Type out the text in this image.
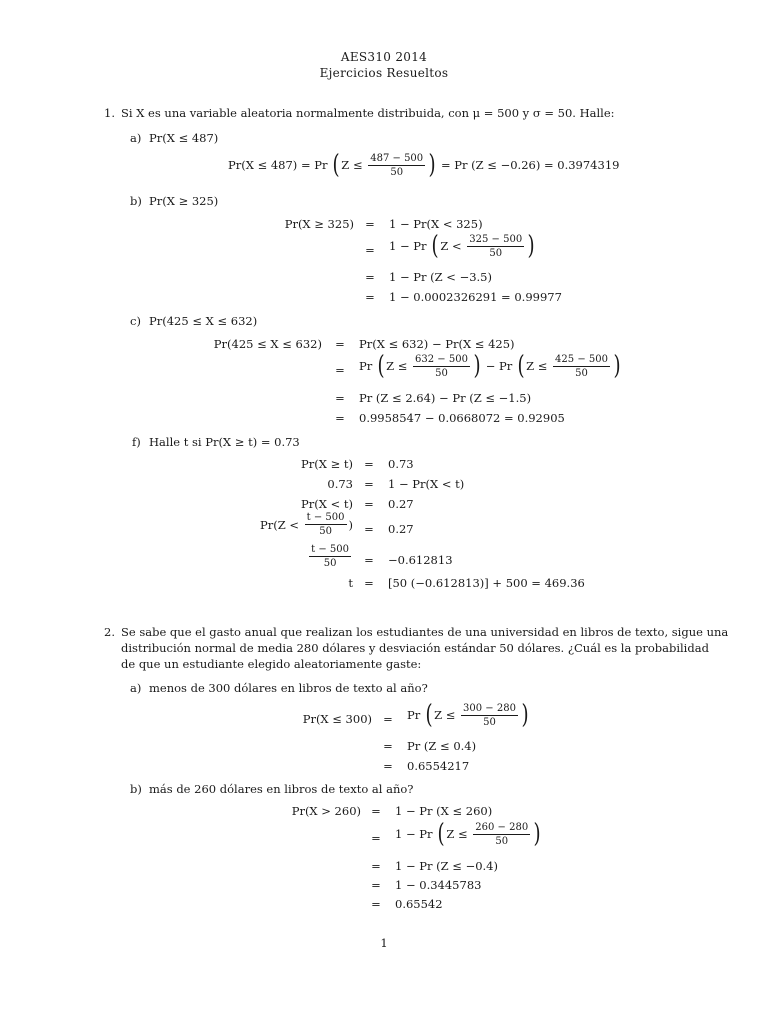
AES310 2014
Ejercicios Resueltos
1. Si X es una variable aleatoria normalmente distribuida, con μ = 500 y σ = 50. Halle:
a) Pr(X ≤ 487)
Pr(X ≤ 487) = Pr ( $Z \le \frac{487 - 500}{50}$ ) = Pr (Z ≤ −0.26) = 0.3974319
b) Pr(X ≥ 325)
Pr(X ≥ 325) =	1 − Pr(X < 325)
=	1 − Pr ( $Z < \frac{325 - 500}{50}$ )
=	1 − Pr (Z < −3.5)
=	1 − 0.0002326291 = 0.99977
c) Pr(425 ≤ X ≤ 632)
Pr(425 ≤ X ≤ 632)	=	Pr(X ≤ 632) − Pr(X ≤ 425)
=	Pr ( $Z \le \frac{632 - 500}{50}$ ) − Pr ( $Z \le \frac{425 - 500}{50}$ )
=	Pr (Z ≤ 2.64) − Pr (Z ≤ −1.5)
=	0.9958547 − 0.0668072 = 0.92905
f) Halle t si Pr(X ≥ t) = 0.73
Pr(X ≥ t) =	0.73
0.73 =	1 − Pr(X < t)
Pr(X < t) =	0.27
$Pr(Z < \frac{t - 500}{50}$ ) =	0.27
$\frac{t - 500}{50}$	=	−0.612813
t =	[50 (−0.612813)] + 500 = 469.36
2. Se sabe que el gasto anual que realizan los estudiantes de una universidad en libros de texto, sigue una
distribución normal de media 280 dólares y desviación estándar 50 dólares. ¿Cuál es la probabilidad
de que un estudiante elegido aleatoriamente gaste:
a) menos de 300 dólares en libros de texto al año?
Pr(X ≤ 300) =	Pr ( $Z \le \frac{300 - 280}{50}$ )
=	Pr (Z ≤ 0.4)
=	0.6554217
b) más de 260 dólares en libros de texto al año?
Pr(X > 260) =	1 − Pr (X ≤ 260)
=	1 − Pr ( $Z \le \frac{260 - 280}{50}$ )
=	1 − Pr (Z ≤ −0.4)
=	1 − 0.3445783
=	0.65542
1
